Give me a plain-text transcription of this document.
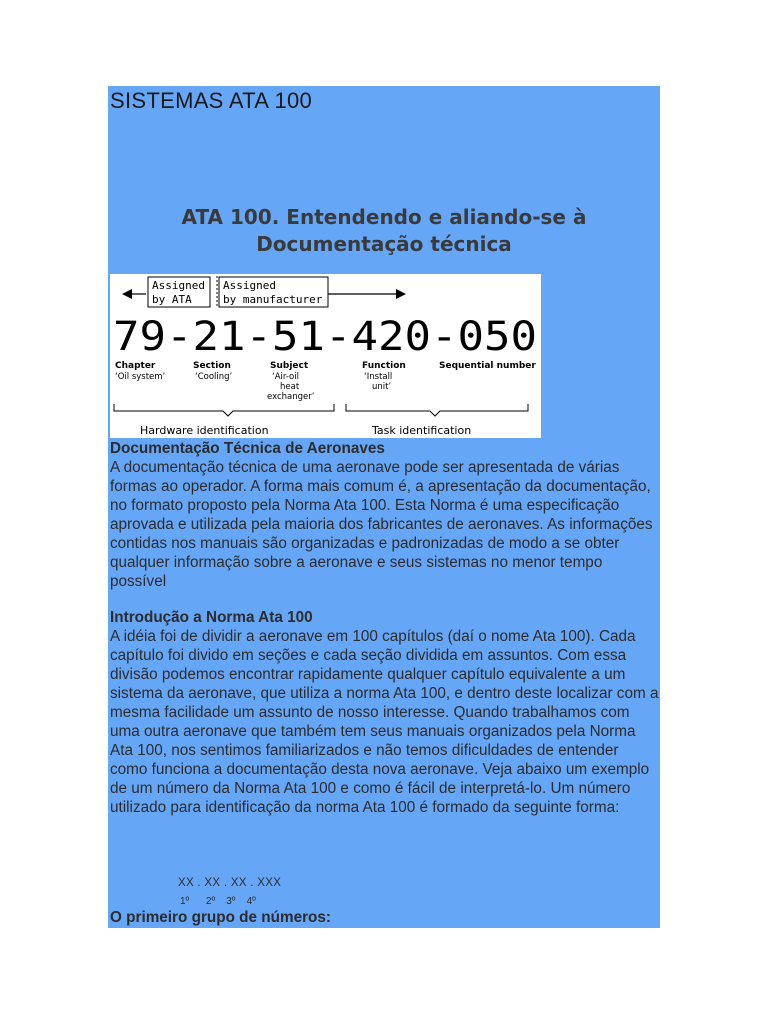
SISTEMAS ATA 100
ATA 100. Entendendo e aliando-se à Documentação técnica
Assigned
by ATA
Assigned
by manufacturer
79-21-51-420-050
Chapter
‘Oil system’
Section
‘Cooling’
Subject
‘Air-oil
heat
exchanger’
Function
‘Install
unit’
Sequential number
Hardware identification	Task identification
Documentação Técnica de Aeronaves

A documentação técnica de uma aeronave pode ser apresentada de várias formas ao operador. A forma mais comum é, a apresentação da documentação, no formato proposto pela Norma Ata 100. Esta Norma é uma especificação aprovada e utilizada pela maioria dos fabricantes de aeronaves. As informações contidas nos manuais são organizadas e padronizadas de modo a se obter qualquer informação sobre a aeronave e seus sistemas no menor tempo possível

Introdução a Norma Ata 100

A idéia foi de dividir a aeronave em 100 capítulos (daí o nome Ata 100). Cada capítulo foi divido em seções e cada seção dividida em assuntos. Com essa divisão podemos encontrar rapidamente qualquer capítulo equivalente a um sistema da aeronave, que utiliza a norma Ata 100, e dentro deste localizar com a mesma facilidade um assunto de nosso interesse. Quando trabalhamos com uma outra aeronave que também tem seus manuais organizados pela Norma Ata 100, nos sentimos familiarizados e não temos dificuldades de entender como funciona a documentação desta nova aeronave. Veja abaixo um exemplo de um número da Norma Ata 100 e como é fácil de interpretá-lo. Um número utilizado para identificação da norma Ata 100 é formado da seguinte forma:

XX . XX . XX . XXX
1º 2º 3º 4º
O primeiro grupo de números:
